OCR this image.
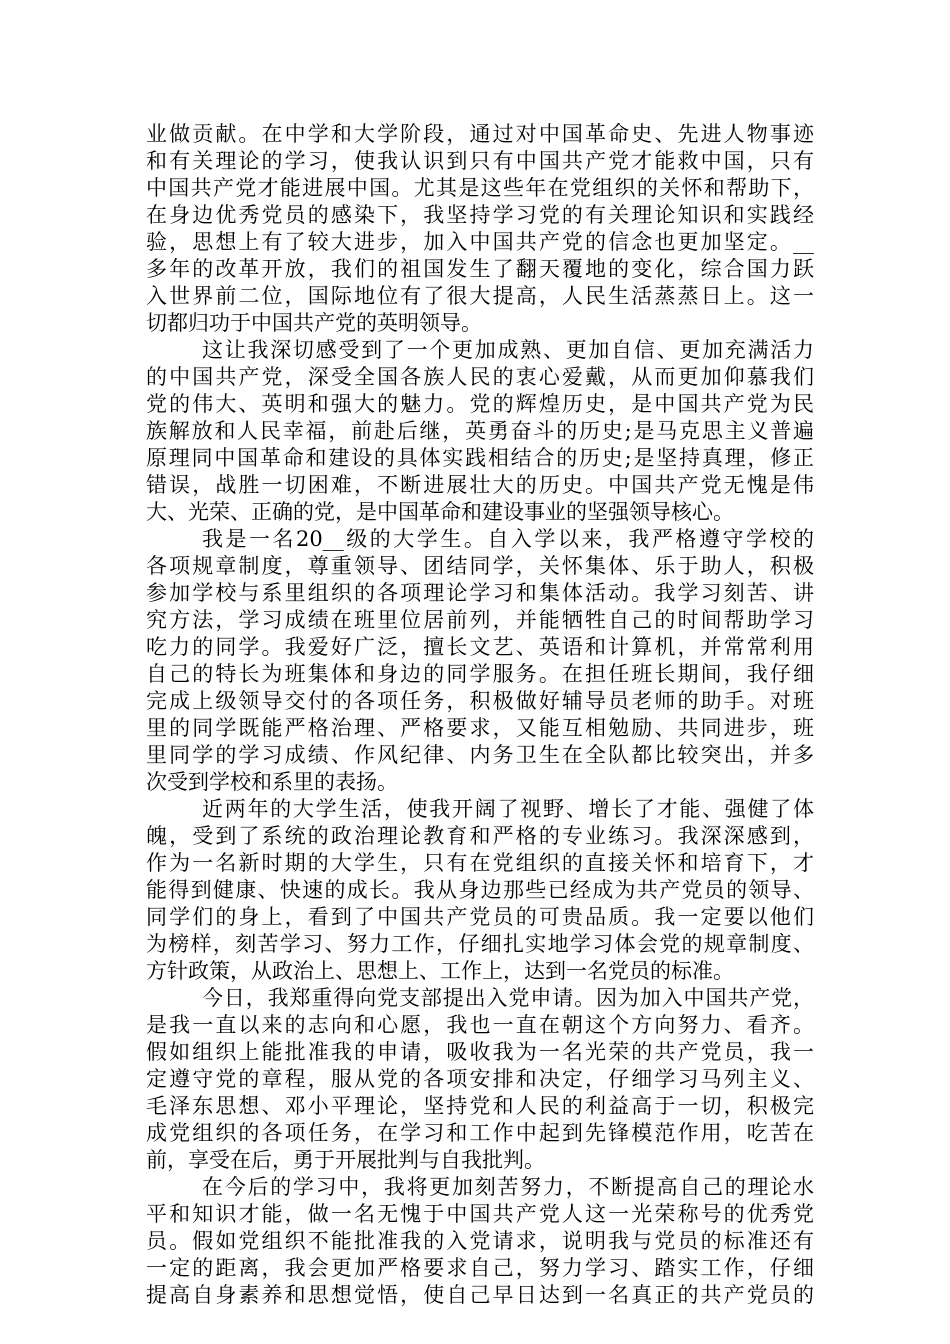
业做贡献。在中学和大学阶段，通过对中国革命史、先进人物事迹
和有关理论的学习，使我认识到只有中国共产党才能救中国，只有
中国共产党才能进展中国。尤其是这些年在党组织的关怀和帮助下，
在身边优秀党员的感染下，我坚持学习党的有关理论知识和实践经
验，思想上有了较大进步，加入中国共产党的信念也更加坚定。__
多年的改革开放，我们的祖国发生了翻天覆地的变化，综合国力跃
入世界前二位，国际地位有了很大提高，人民生活蒸蒸日上。这一
切都归功于中国共产党的英明领导。
这让我深切感受到了一个更加成熟、更加自信、更加充满活力
的中国共产党，深受全国各族人民的衷心爱戴，从而更加仰慕我们
党的伟大、英明和强大的魅力。党的辉煌历史，是中国共产党为民
族解放和人民幸福，前赴后继，英勇奋斗的历史;是马克思主义普遍
原理同中国革命和建设的具体实践相结合的历史;是坚持真理，修正
错误，战胜一切困难，不断进展壮大的历史。中国共产党无愧是伟
大、光荣、正确的党，是中国革命和建设事业的坚强领导核心。
我是一名20__级的大学生。自入学以来，我严格遵守学校的
各项规章制度，尊重领导、团结同学，关怀集体、乐于助人，积极
参加学校与系里组织的各项理论学习和集体活动。我学习刻苦、讲
究方法，学习成绩在班里位居前列，并能牺牲自己的时间帮助学习
吃力的同学。我爱好广泛，擅长文艺、英语和计算机，并常常利用
自己的特长为班集体和身边的同学服务。在担任班长期间，我仔细
完成上级领导交付的各项任务，积极做好辅导员老师的助手。对班
里的同学既能严格治理、严格要求，又能互相勉励、共同进步，班
里同学的学习成绩、作风纪律、内务卫生在全队都比较突出，并多
次受到学校和系里的表扬。
近两年的大学生活，使我开阔了视野、增长了才能、强健了体
魄，受到了系统的政治理论教育和严格的专业练习。我深深感到，
作为一名新时期的大学生，只有在党组织的直接关怀和培育下，才
能得到健康、快速的成长。我从身边那些已经成为共产党员的领导、
同学们的身上，看到了中国共产党员的可贵品质。我一定要以他们
为榜样，刻苦学习、努力工作，仔细扎实地学习体会党的规章制度、
方针政策，从政治上、思想上、工作上，达到一名党员的标准。
今日，我郑重得向党支部提出入党申请。因为加入中国共产党，
是我一直以来的志向和心愿，我也一直在朝这个方向努力、看齐。
假如组织上能批准我的申请，吸收我为一名光荣的共产党员，我一
定遵守党的章程，服从党的各项安排和决定，仔细学习马列主义、
毛泽东思想、邓小平理论，坚持党和人民的利益高于一切，积极完
成党组织的各项任务，在学习和工作中起到先锋模范作用，吃苦在
前，享受在后，勇于开展批判与自我批判。
在今后的学习中，我将更加刻苦努力，不断提高自己的理论水
平和知识才能，做一名无愧于中国共产党人这一光荣称号的优秀党
员。假如党组织不能批准我的入党请求，说明我与党员的标准还有
一定的距离，我会更加严格要求自己，努力学习、踏实工作，仔细
提高自身素养和思想觉悟，使自己早日达到一名真正的共产党员的
